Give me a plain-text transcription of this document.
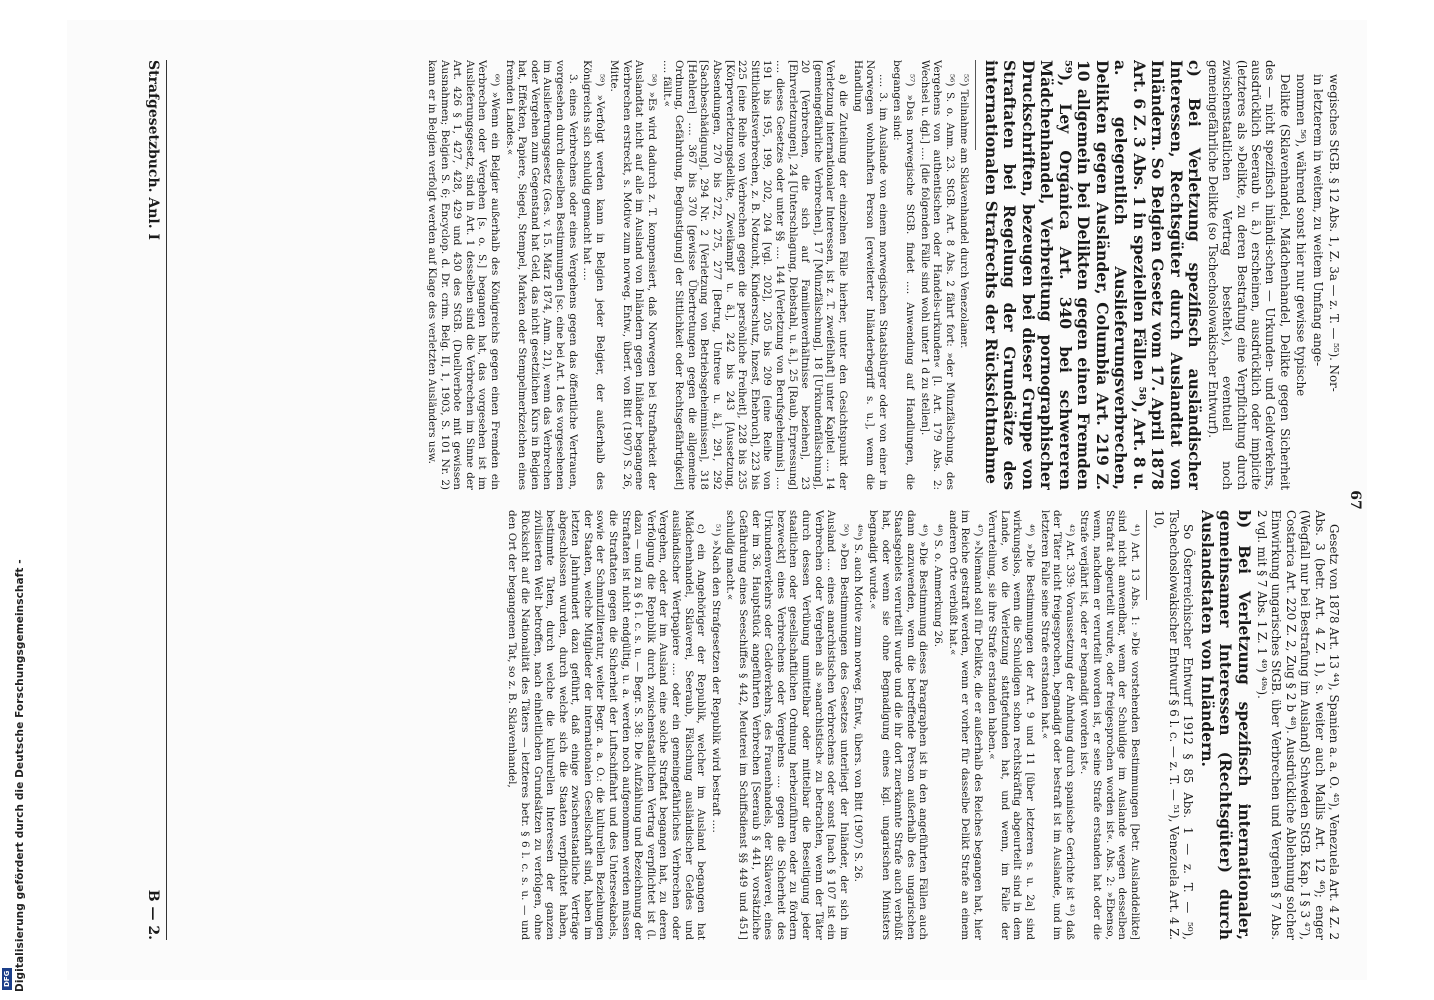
Digitalisierung gefördert durch die Deutsche Forschungsgemeinschaft -
DFG
67

wegisches StGB. § 12 Abs. 1, Z. 3a — z. T. — ⁵⁵). Nor-

in letzterem in weitem, zu weitem Umfang ange-

nommen ⁵⁶), während sonst hier nur gewisse typische

Delikte (Sklavenhandel, Mädchenhandel, Delikte gegen Sicherheit des — nicht spezifisch inländi-schen — Urkunden- und Geldverkehrs, ausdrücklich Seeraub u. ä.) erscheinen, ausdrücklich oder implicite (letzteres als »Delikte, zu deren Bestrafung eine Verpflichtung durch zwischenstaatlichen Vertrag besteht«), eventuell noch gemeingefährliche Delikte (so Tschechoslowakischer Entwurf).

c) Bei Verletzung spezifisch ausländischer Interessen, Rechtsgüter durch Auslandtat von Inländern. So Belgien Gesetz vom 17. April 1878 Art. 6 Z. 3 Abs. 1 in speziellen Fällen ⁵⁸), Art. 8 u. a. gelegentlich Auslieferungsverbrechen, Delikten gegen Ausländer, Columbia Art. 219 Z. 10 allgemein bei Delikten gegen einen Fremden ⁵⁹), Ley Orgánica Art. 340 bei schwereren Mädchenhandel, Verbreitung pornographischer Druckschriften, bezeugen bei dieser Gruppe von Straftaten bei Regelung der Grundsätze des internationalen Strafrechts der Rücksichtnahme

⁵⁵) Teilnahme am Sklavenhandel durch Venezolaner.

⁵⁶) S. o. Anm. 23. StGB. Art. 8 Abs. 2 fährt fort: »der Münzfälschung, des Vergehens von authentischen oder Handels-urkunden« [l. Art. 179 Abs. 2: Wechsel u. dgl.] .... [die folgenden Fälle sind wohl unter 1 d zu stellen].

⁵⁷) »Das norwegische StGB. findet .... Anwendung auf Handlungen, die begangen sind:

.... 3. im Auslande von einem norwegischen Staatsbürger oder von einer in Norwegen wohnhaften Person [erweiterter Inländerbegriff s. u.], wenn die Handlung

a) die Zuteilung der einzelnen Fälle hierher, unter den Gesichtspunkt der Verletzung internationaler Interessen, ist z. T. zweifelhaft] unter Kapitel .... 14 [gemeingefährliche Verbrechen], 17 [Münzfälschung], 18 [Urkundenfälschung], 20 [Verbrechen, die sich auf Familienverhältnisse beziehen], 23 [Ehrverletzungen], 24 [Unterschlagung, Diebstahl, u. ä.], 25 [Raub, Erpressung] .... dieses Gesetzes oder unter §§ .... 144 [Verletzung von Berufsgeheimnis] .... 191 bis 195, 199, 202, 204 [vgl. 202], 205 bis 209 [eine Reihe von Sittlichkeitsverbrechen, z. B. Notzucht, Kinderschutz, Inzest, Ehebruch], 223 bis 225 [eine Reihe von Verbrechen gegen die persönliche Freiheit], 228 bis 235 [Körperverletzungsdelikte, Zweikampf u. ä.], 242 bis 243 [Aussetzung, Absendungen, 270 bis 272, 275, 277 [Betrug, Untreue u. ä.], 291, 292 [Sachbeschädigung], 294 Nr. 2 [Verletzung von Betriebsgeheimnissen], 318 [Hehlerei] .... 367 bis 370 [gewisse Übertretungen gegen die allgemeine Ordnung, Gefährdung, Begünstigung] der Sittlichkeit oder Rechtsgefährtigkeit] .... fällt.«

⁵⁸) »Es wird dadurch z. T. kompensiert, daß Norwegen bei Strafbarkeit der Auslandtat nicht auf alle im Ausland von Inländern gegen Inländer begangene Verbrechen erstreckt, s. Motive zum norweg. Entw., überf. von Bitt (1907) S. 26, Mitte.

⁵⁹) »Verfolgt werden kann in Belgien jeder Belgier, der außerhalb des Königreichs sich schuldig gemacht hat ....

3. eines Verbrechens oder eines Vergehens gegen das öffentliche Vertrauen, vorgesehen durch dieselben Bestimmungen [sc. eine bei Art. 1 des vorgesehenen im Auslieferungsgesetz (Ges. v. 15. März 1874, Anm. 21), wenn das Verbrechen oder Vergehen zum Gegenstand hat Geld, das nicht gesetzlichen Kurs in Belgien hat, Effekten, Papiere, Siegel, Stempel, Marken oder Stempelmerkzeichen eines fremden Landes.«

⁶⁰) »Wenn ein Belgier außerhalb des Königreichs gegen einen Fremden ein Verbrechen oder Vergehen [s. o. S.] begangen hat, das vorgesehen ist im Auslieferungsgesetz, sind in Art. 1 desselben sind die Verbrechen im Sinne der Art. 426 § 1, 427, 428, 429 und 430 des StGB. (Duellverbote mit gewissen Ausnahmen; Belgien S. 6; Encyclop. d. Dr. crim. Belg. II, 1, 1903, S. 101 Nr. 2) kann er in Belgien verfolgt werden auf Klage des verletzten Ausländers usw.

Gesetz von 1878 Art. 13 ⁴⁴), Spanien a. a. O. ⁴⁵), Venezuela Art. 4 Z. 2 Abs. 3 (betr. Art. 4 Z. 1), s. weiter auch Mallis Art. 12 ⁴⁶); enger (Wegfall nur bei Bestrafung im Ausland) Schweden StGB. Kap. I § 3 ⁴⁷), Costarica Art. 220 Z. 2, Zug § 2 b ⁴⁸). Ausdrückliche Ablehnung solcher Einwirkung ungarisches StGB. über Verbrechen und Vergehen § 7 Abs. 2 vgl. mit § 7 Abs. 1 Z. 1 ⁴⁹) ⁴⁹ᵃ).

b) Bei Verletzung spezifisch internationaler, gemeinsamer Interessen (Rechtsgüter) durch Auslandstaten von Inländern.

So Österreichischer Entwurf 1912 § 85 Abs. 1 — z. T. — ⁵⁰), Tschechoslowakischer Entwurf § 6 l. c. — z. T. — ⁵¹), Venezuela Art. 4 Z. 10,

⁴¹) Art. 13 Abs. 1: »Die vorstehenden Bestimmungen [betr. Auslanddelikte] sind nicht anwendbar, wenn der Schuldige im Auslande wegen desselben Strafrat abgeurteilt wurde, oder freigesprochen worden ist«. Abs. 2: »Ebenso, wenn, nachdem er verurteilt worden ist, er seine Strafe erstanden hat oder die Strafe verjährt ist, oder er begnadigt worden ist«.

⁴²) Art. 339: Voraussetzung der Ahndung durch spanische Gerichte ist ⁴³) daß der Täter nicht freigesprochen, begnadigt oder bestraft ist im Auslande, und im letzteren Falle seine Strafe erstanden hat.«

⁴⁶) »Die Bestimmungen der Art. 9 und 11 [über letzteren s. u. 2a] sind wirkungslos, wenn die Schuldigen schon rechtskräftig abgeurteilt sind in dem Lande, wo die Verletzung stattgefunden hat, und wenn, im Falle der Verurteilung, sie ihre Strafe erstanden haben.«

⁴⁷) »Niemand soll für Delikte, die er außerhalb des Reiches begangen hat, hier im Reiche gestraft werden, wenn er vorher für dasselbe Delikt Strafe an einem anderen Orte verbüßt hat.«

⁴⁸) S. o. Anmerkung 26.

⁴⁹) »Die Bestimmung dieses Paragraphen ist in den angeführten Fällen auch dann anzuwenden, wenn die betreffende Person außerhalb des ungarischen Staatsgebiets verurteilt wurde und die ihr dort zuerkannte Strafe auch verbüßt hat, oder wenn sie ohne Begnadigung eines kgl. ungarischen Ministers begnadigt wurde.«

⁴⁹ᵃ) S. auch Motive zum norweg. Entw., übers. von Bitt (1907) S. 26.

⁵⁰) »Den Bestimmungen des Gesetzes unterliegt der Inländer, der sich im Ausland .... eines anarchistischen Verbrechens oder sonst [nach § 107 ist ein Verbrechen oder Vergehen als »anarchistisch« zu betrachten, wenn der Täter durch dessen Verübung unmittelbar oder mittelbar die Beseitigung jeder staatlichen oder gesellschaftlichen Ordnung herbeizuführen oder zu fördern bezweckt] eines Verbrechens oder Vergehens .... gegen die Sicherheit des Urkundenverkehrs oder Geldverkehrs, des Frauenhandels, der Sklaverei, eines der im 36. Hauptstück angeführten Verbrechen [Seeraub § 441, vorsätzliche Gefährdung eines Seeschiffes § 442, Meuterei im Schiffsdienst §§ 449 und 451] schuldig macht.«

⁵¹) »Nach den Strafgesetzen der Republik wird bestraft ....

c) ein Angehöriger der Republik, welcher im Ausland begangen hat Mädchenhandel, Sklaverei, Seeraub, Fälschung ausländischer Geldes und ausländischer Wertpapiere .... oder ein gemeingefährliches Verbrechen oder Vergehen, oder der im Ausland eine solche Straftat begangen hat, zu deren Verfolgung die Republik durch zwischenstaatlichen Vertrag verpflichtet ist (l. dazu — und zu § 6 l. c. s. u. — Begr. S. 38: Die Aufzählung und Bezeichnung der Straftaten ist nicht endgültig, u. a. werden noch aufgenommen werden müssen die Straftaten gegen die Sicherheit der Luftschiffahrt und des Unterseekabels, sowie der Schmutzliteratur, weiter Begr. a. a. O.: die kulturellen Beziehungen der Staaten, welche Mitglieder der internationalen Gesellschaft sind, haben im letzten Jahrhundert dazu geführt, daß einige zwischenstaatliche Verträge abgeschlossen wurden, durch welche sich die Staaten verpflichtet haben, bestimmte Taten, durch welche die kulturellen Interessen der ganzen zivilisierten Welt betroffen, nach einheitlichen Grundsätzen zu verfolgen, ohne Rücksicht auf die Nationalität des Täters — letzteres betr. § 6 l. c. s. u. — und den Ort der begangenen Tat, so z. B. Sklavenhandel,

Strafgesetzbuch. Anl. I
B — 2.
